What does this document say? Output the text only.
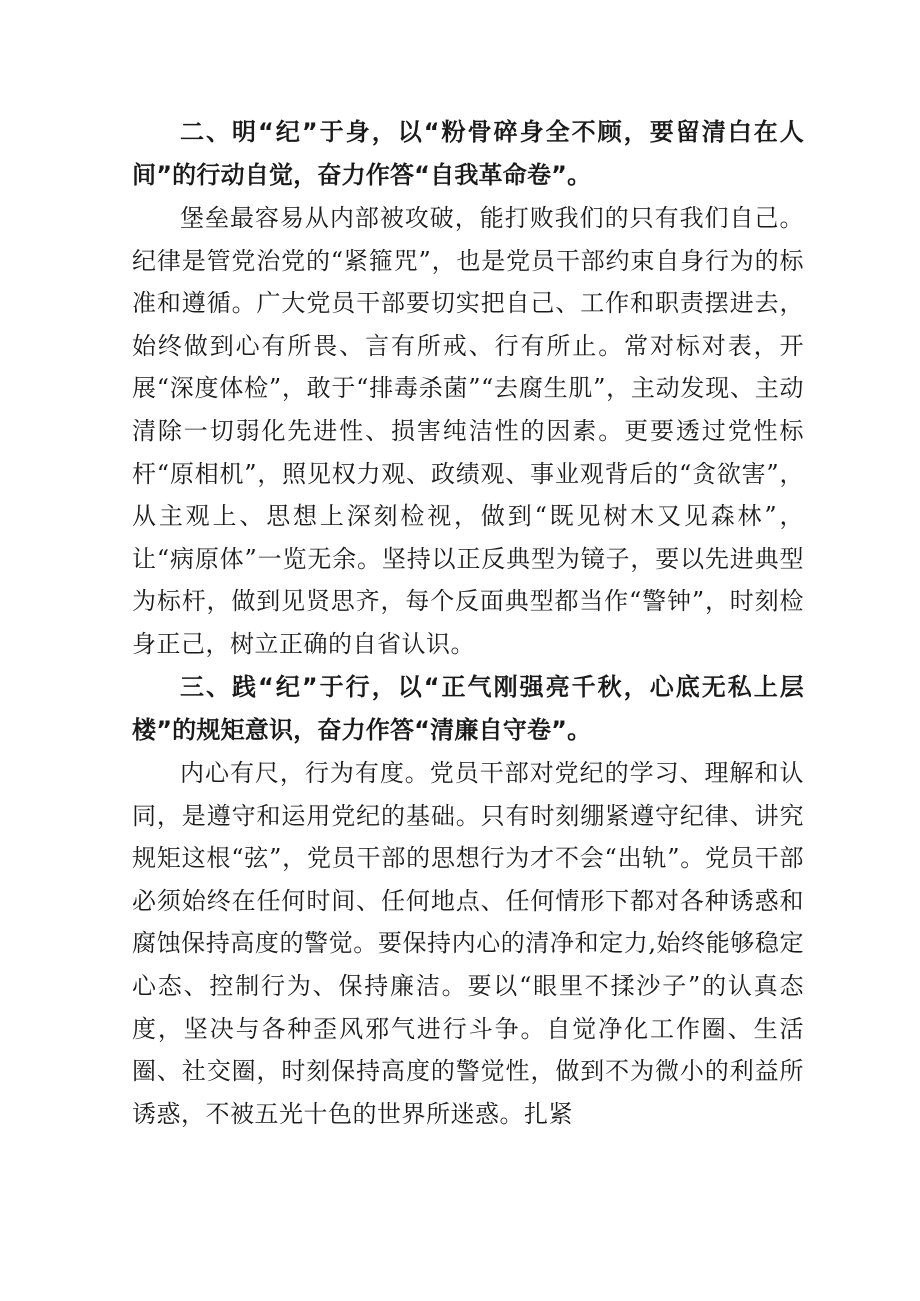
二、明“纪”于身，以“粉骨碎身全不顾，要留清白在人间”的行动自觉，奋力作答“自我革命卷”。

堡垒最容易从内部被攻破，能打败我们的只有我们自己。纪律是管党治党的“紧箍咒”，也是党员干部约束自身行为的标准和遵循。广大党员干部要切实把自己、工作和职责摆进去，始终做到心有所畏、言有所戒、行有所止。常对标对表，开展“深度体检”，敢于“排毒杀菌”“去腐生肌”，主动发现、主动清除一切弱化先进性、损害纯洁性的因素。更要透过党性标杆“原相机”，照见权力观、政绩观、事业观背后的“贪欲害”，从主观上、思想上深刻检视，做到“既见树木又见森林”，让“病原体”一览无余。坚持以正反典型为镜子，要以先进典型为标杆，做到见贤思齐，每个反面典型都当作“警钟”，时刻检身正己，树立正确的自省认识。

三、践“纪”于行，以“正气刚强亮千秋，心底无私上层楼”的规矩意识，奋力作答“清廉自守卷”。

内心有尺，行为有度。党员干部对党纪的学习、理解和认同，是遵守和运用党纪的基础。只有时刻绷紧遵守纪律、讲究规矩这根“弦”，党员干部的思想行为才不会“出轨”。党员干部必须始终在任何时间、任何地点、任何情形下都对各种诱惑和腐蚀保持高度的警觉。要保持内心的清净和定力,始终能够稳定心态、控制行为、保持廉洁。要以“眼里不揉沙子”的认真态度，坚决与各种歪风邪气进行斗争。自觉净化工作圈、生活圈、社交圈，时刻保持高度的警觉性，做到不为微小的利益所诱惑，不被五光十色的世界所迷惑。扎紧
